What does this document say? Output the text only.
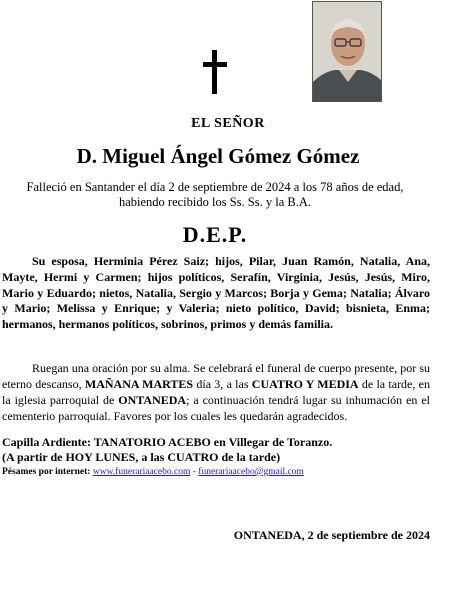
EL SEÑOR
D. Miguel Ángel Gómez Gómez
Falleció en Santander el día 2 de septiembre de 2024 a los 78 años de edad,
habiendo recibido los Ss. Ss. y la B.A.
D.E.P.

Su esposa, Herminia Pérez Saiz; hijos, Pilar, Juan Ramón, Natalia, Ana, Mayte, Hermi y Carmen; hijos políticos, Serafín, Virginia, Jesús, Jesús, Miro, Mario y Eduardo; nietos, Natalia, Sergio y Marcos; Borja y Gema; Natalia; Álvaro y Mario; Melissa y Enrique; y Valeria; nieto político, David; bisnieta, Enma; hermanos, hermanos políticos, sobrinos, primos y demás familia.

Ruegan una oración por su alma. Se celebrará el funeral de cuerpo presente, por su eterno descanso, MAÑANA MARTES día 3, a las CUATRO Y MEDIA de la tarde, en la iglesia parroquial de ONTANEDA; a continuación tendrá lugar su inhumación en el cementerio parroquial. Favores por los cuales les quedarán agradecidos.

Capilla Ardiente: TANATORIO ACEBO en Villegar de Toranzo.
(A partir de HOY LUNES, a las CUATRO de la tarde)
Pésames por internet: www.funerariaacebo.com - funerariaacebo@gmail.com
ONTANEDA, 2 de septiembre de 2024
